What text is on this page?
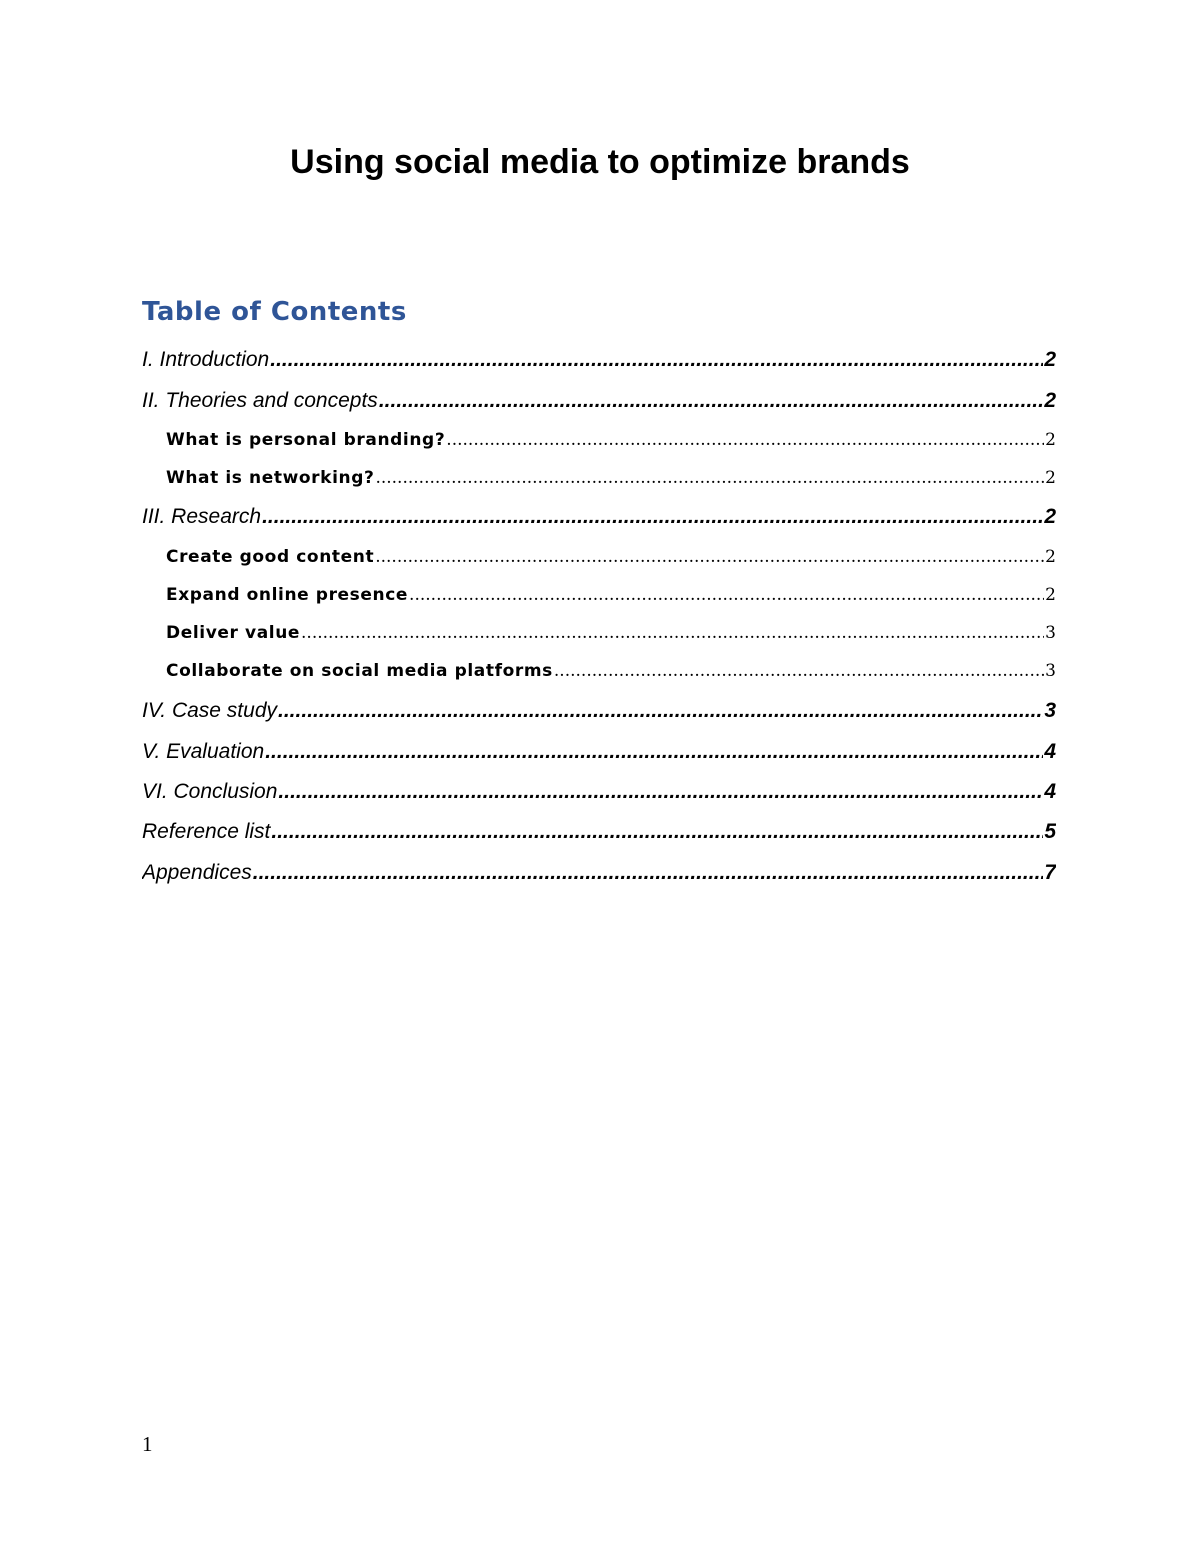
Using social media to optimize brands
Table of Contents
I. Introduction .....	2
II. Theories and concepts .....	2
What is personal branding? .....	2
What is networking? .....	2
III. Research .....	2
Create good content .....	2
Expand online presence .....	2
Deliver value .....	3
Collaborate on social media platforms .....	3
IV. Case study .....	3
V. Evaluation .....	4
VI. Conclusion .....	4
Reference list .....	5
Appendices .....	7
1
